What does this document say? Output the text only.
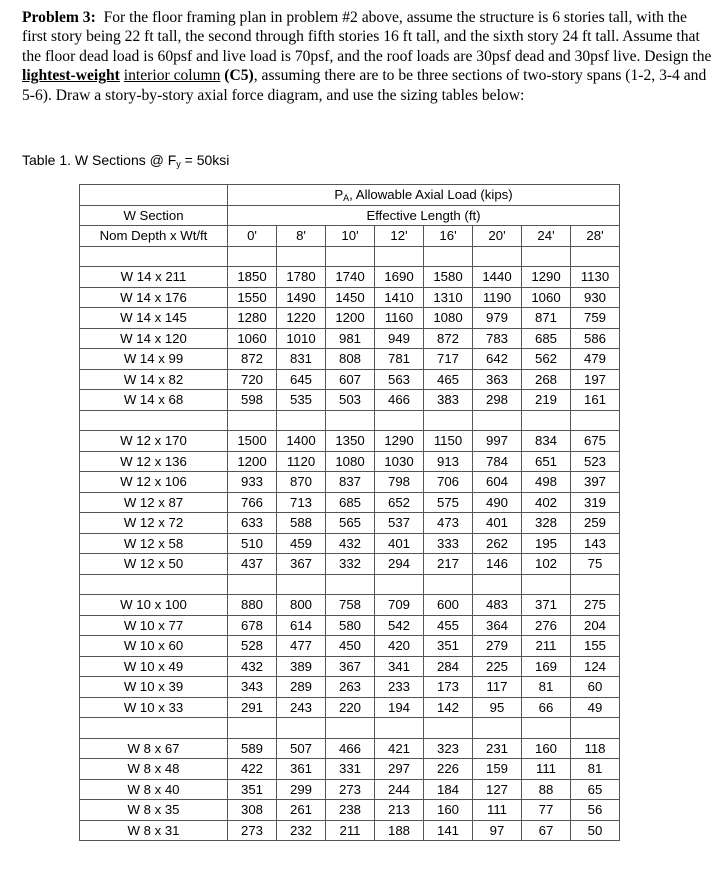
Problem 3: For the floor framing plan in problem #2 above, assume the structure is 6 stories tall, with the first story being 22 ft tall, the second through fifth stories 16 ft tall, and the sixth story 24 ft tall. Assume that the floor dead load is 60psf and live load is 70psf, and the roof loads are 30psf dead and 30psf live. Design the lightest-weight interior column (C5), assuming there are to be three sections of two-story spans (1-2, 3-4 and 5-6). Draw a story-by-story axial force diagram, and use the sizing tables below:
Table 1. W Sections @ $F_y = 50ksi$
	$P_A$, Allowable Axial Load (kips)							
W Section	Effective Length (ft)							
Nom Depth x Wt/ft	0'	8'	10'	12'	16'	20'	24'	28'

W 14 x 211	1850	1780	1740	1690	1580	1440	1290	1130
W 14 x 176	1550	1490	1450	1410	1310	1190	1060	930
W 14 x 145	1280	1220	1200	1160	1080	979	871	759
W 14 x 120	1060	1010	981	949	872	783	685	586
W 14 x 99	872	831	808	781	717	642	562	479
W 14 x 82	720	645	607	563	465	363	268	197
W 14 x 68	598	535	503	466	383	298	219	161

W 12 x 170	1500	1400	1350	1290	1150	997	834	675
W 12 x 136	1200	1120	1080	1030	913	784	651	523
W 12 x 106	933	870	837	798	706	604	498	397
W 12 x 87	766	713	685	652	575	490	402	319
W 12 x 72	633	588	565	537	473	401	328	259
W 12 x 58	510	459	432	401	333	262	195	143
W 12 x 50	437	367	332	294	217	146	102	75

W 10 x 100	880	800	758	709	600	483	371	275
W 10 x 77	678	614	580	542	455	364	276	204
W 10 x 60	528	477	450	420	351	279	211	155
W 10 x 49	432	389	367	341	284	225	169	124
W 10 x 39	343	289	263	233	173	117	81	60
W 10 x 33	291	243	220	194	142	95	66	49

W 8 x 67	589	507	466	421	323	231	160	118
W 8 x 48	422	361	331	297	226	159	111	81
W 8 x 40	351	299	273	244	184	127	88	65
W 8 x 35	308	261	238	213	160	111	77	56
W 8 x 31	273	232	211	188	141	97	67	50
